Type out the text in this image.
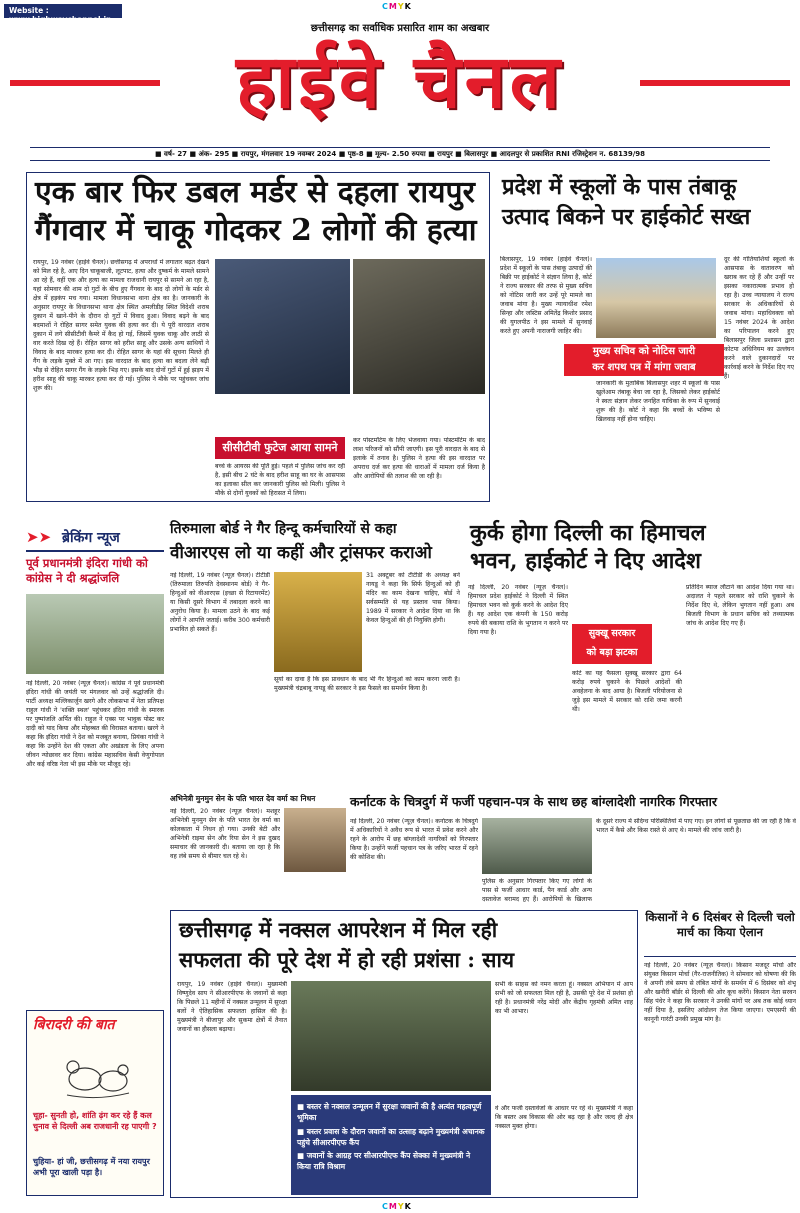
CMYK
Website : www.highwaychannel.in
छत्तीसगढ़ का सर्वाधिक प्रसारित शाम का अखबार
हाईवे चैनल
■ वर्ष- 27 ■ अंक- 295 ■ रायपुर, मंगलवार 19 नवम्बर 2024 ■ पृष्ठ-8 ■ मूल्य- 2.50 रुपया ■ रायपुर ■ बिलासपुर ■ आदलपुर से प्रकाशित RNI रजिस्ट्रेशन न. 68139/98
एक बार फिर डबल मर्डर से दहला रायपुर
गैंगवार में चाकू गोदकर 2 लोगों की हत्या
रायपुर, 19 नवंबर (हाईवे चैनल)। छत्तीसगढ़ में अपराधों में लगातार बढ़त देखने को मिल रहे है, आए दिन चाकूबाजी, लूटपाट, हत्या और दुष्कर्म के मामले सामने आ रहे हैं, वहीं एक और हत्या का मामला राजधानी रायपुर से सामने आ रहा है, यहां सोमवार की शाम दो गुटों के बीच हुए गैंगवार के बाद दो लोगों के मर्डर से क्षेत्र में हड़कंप मच गया। मामला विधानसभा थाना क्षेत्र का है। जानकारी के अनुसार रायपुर के विधानसभा थाना क्षेत्र स्थित अमलीडीह स्थित विदेशी शराब दुकान में खाने-पीने के दौरान दो गुटों में विवाद हुआ। विवाद बढ़ने के बाद बदमाशों ने रोहित सागर समेत युवक की हत्या कर दी। ये पूरी वारदात शराब दुकान में लगे सीसीटीवी कैमरे में कैद हो गई, जिसमें युवक चाकू और लाठी से वार करते दिख रहे हैं। रोहित सागर को हरीश साहू और उसके अन्य साथियों ने विवाद के बाद मारकर हत्या कर दी। रोहित सागर के यहां की सूचना मिलते ही गैंग के लड़के मुक्ते में आ गए। इस वारदात के बाद हत्या का बदला लेने बढ़ी भीड़ से रोहित सागर गैंग के लड़के भिड़ गए। इसके बाद दोनों गुटों में हुई झड़प में हरीश साहू की चाकू मारकर हत्या कर दी गई। पुलिस ने मौके पर पहुंचकर जांच शुरू की।
सीसीटीवी फुटेज आया सामने
बच्चे के आयरस की पूर्ति हुई। पहले में पुलिस जांच कर रही है, इसी बीच 2 घंटे के बाद हरीश साहू का घर के आसपास का इलाका सील कर जानकारी पुलिस को मिली। पुलिस ने मौके से दोनों युवकों को हिरासत में लिया।
कर पोस्टमॉर्टम के लिए भेजवाया गया। पोस्टमॉर्टम के बाद लाश परिजनों को सौंपी जाएगी। इस पूरी वारदात के बाद से इलाके में तनाव है। पुलिस ने हत्या की इस वारदात पर अपराध दर्ज कर हत्या की धाराओं में मामला दर्ज किया है और आरोपियों की तलाश की जा रही है।
प्रदेश में स्कूलों के पास तंबाकू
उत्पाद बिकने पर हाईकोर्ट सख्त
बिलासपुर, 19 नवंबर (हाईवे चैनल)। प्रदेश में स्कूलों के पास तंबाकू उत्पादों की बिक्री पर हाईकोर्ट ने संज्ञान लिया है, कोर्ट ने राज्य सरकार की तरफ से मुख्य सचिव को नोटिस जारी कर उन्हें पूरे मामले का जवाब मांगा है। मुख्य न्यायाधीश रमेश सिन्हा और जस्टिस अमितेंद्र किशोर प्रसाद की युगलपीठ ने इस मामले में सुनवाई करते हुए अपनी नाराजगी जाहिर की।
मुख्य सचिव को नोटिस जारी
कर शपथ पत्र में मांगा जवाब
जानकारी के मुताबिक बिलासपुर शहर में स्कूलों के पास खुलेआम तंबाकू बेचा जा रहा है, जिसको लेकर हाईकोर्ट ने स्वतः संज्ञान लेकर जनहित याचिका के रूप में सुनवाई शुरू की है। कोर्ट ने कहा कि बच्चों के भविष्य से खिलवाड़ नहीं होना चाहिए।
दूर की गोतियाशियों स्कूलों के आसपास के वातावरण को खराब कर रहे हैं और उन्हीं पर इसका नकारात्मक प्रभाव हो रहा है। उच्च न्यायालय ने राज्य सरकार के अधिकारियों से जवाब मांगा। महाधिवक्ता को 15 नवंबर 2024 के आदेश का परिपालन करने हुए बिलासपुर जिला प्रशासन द्वारा कोटपा अधिनियम का उल्लंघन करने वाले दुकानदारों पर कार्रवाई करने के निर्देश दिए गए हैं।
➤➤ ब्रेकिंग न्यूज
पूर्व प्रधानमंत्री इंदिरा गांधी को कांग्रेस ने दी श्रद्धांजलि
नई दिल्ली, 20 नवंबर (न्यूज़ चैनल)। कांग्रेस ने पूर्व प्रधानमंत्री इंदिरा गांधी की जयंती पर मंगलवार को उन्हें श्रद्धांजलि दी। पार्टी अध्यक्ष मल्लिकार्जुन खरगे और लोकसभा में नेता प्रतिपक्ष राहुल गांधी ने 'शक्ति स्थल' पहुंचकर इंदिरा गांधी के स्मारक पर पुष्पांजलि अर्पित की। राहुल ने एक्स पर भावुक पोस्ट कर दादी को याद किया और मोहब्बत की विरासत बताया। खरगे ने कहा कि इंदिरा गांधी ने देश को मजबूत बनाया, प्रियंका गांधी ने कहा कि उन्होंने देश की एकता और अखंडता के लिए अपना जीवन न्योछावर कर दिया। कांग्रेस महासचिव केसी वेणुगोपाल और कई वरिष्ठ नेता भी इस मौके पर मौजूद रहे।
तिरुमाला बोर्ड ने गैर हिन्दू कर्मचारियों से कहा
वीआरएस लो या कहीं और ट्रांसफर कराओ
नई दिल्ली, 19 नवंबर (न्यूज़ चैनल)। टीटीडी (तिरुमाला तिरुपति देवस्थानम बोर्ड) ने गैर-हिन्दुओं को वीआरएस (इच्छा से रिटायरमेंट) या किसी दूसरे विभाग में तबादला करने का अनुरोध किया है। मामला उठने के बाद कई लोगों ने आपत्ति जताई। करीब 300 कर्मचारी प्रभावित हो सकते हैं।
31 अक्टूबर को टीटीडी के अध्यक्ष बने नायडू ने कहा कि सिर्फ हिन्दुओं को ही मंदिर का काम देखना चाहिए, बोर्ड ने सर्वसम्मति से यह प्रस्ताव पास किया। 1989 में सरकार ने आदेश दिया था कि केवल हिन्दुओं की ही नियुक्ति होगी।
सूर्या का दावा है कि इस प्रावधान के बाद भी गैर हिन्दुओं को काम करना जारी है। मुख्यमंत्री चंद्रबाबू नायडू की सरकार ने इस फैसले का समर्थन किया है।
कुर्क होगा दिल्ली का हिमाचल
भवन, हाईकोर्ट ने दिए आदेश
नई दिल्ली, 20 नवंबर (न्यूज़ चैनल)। हिमाचल प्रदेश हाईकोर्ट ने दिल्ली में स्थित हिमाचल भवन को कुर्क करने के आदेश दिए हैं। यह आदेश एक कंपनी के 150 करोड़ रुपये की बकाया राशि के भुगतान न करने पर दिया गया है।	सुक्खू सरकार
को बड़ा झटका
कोर्ट का यह फैसला सुक्खू सरकार द्वारा 64 करोड़ रुपये चुकाने के पिछले आदेशों की अवहेलना के बाद आया है। बिजली परियोजना से जुड़े इस मामले में सरकार को राशि जमा करनी थी।
प्रतिदिन ब्याज लौटाने का आदेश दिया गया था। अदालत ने पहले सरकार को राशि चुकाने के निर्देश दिए थे, लेकिन भुगतान नहीं हुआ। अब बिजली विभाग के प्रधान सचिव को तथ्यात्मक जांच के आदेश दिए गए हैं।
अभिनेत्री मुनमुन सेन के पति भारत देव वर्मा का निधन
नई दिल्ली, 20 नवंबर (न्यूज़ चैनल)। मशहूर अभिनेत्री मुनमुन सेन के पति भारत देव वर्मा का कोलकाता में निधन हो गया। उनकी बेटी और अभिनेत्री राइमा सेन और रिया सेन ने इस दुखद समाचार की जानकारी दी। बताया जा रहा है कि वह लंबे समय से बीमार चल रहे थे।
कर्नाटक के चित्रदुर्ग में फर्जी पहचान-पत्र के साथ छह बांग्लादेशी नागरिक गिरफ्तार
नई दिल्ली, 20 नवंबर (न्यूज़ चैनल)। कर्नाटक के चित्रदुर्ग में अधिकारियों ने अवैध रूप से भारत में प्रवेश करने और रहने के आरोप में छह बांग्लादेशी नागरिकों को गिरफ्तार किया है। उन्होंने फर्जी पहचान पत्र के जरिए भारत में रहने की कोशिश की।
पुलिस के अनुसार गिरफ्तार किए गए लोगों के पास से फर्जी आधार कार्ड, पैन कार्ड और अन्य दस्तावेज बरामद हुए हैं। आरोपियों के खिलाफ
के दूसरे राज्य में संदिग्ध परिस्थितियों में पाए गए। इन लोगों से पूछताछ की जा रही है कि वे भारत में कैसे और किस रास्ते से आए थे। मामले की जांच जारी है।
बिरादरी की बात
चूहा- सुनती हो, शांति ढ़ंग कर रहे हैं कल चुनाव से दिल्ली अब राजधानी रह पाएगी ?
चुहिया- हां जी, छत्तीसगढ़ में नया रायपुर अभी पूरा खाली पड़ा है।
छत्तीसगढ़ में नक्सल आपरेशन में मिल रही
सफलता की पूरे देश में हो रही प्रशंसा : साय
रायपुर, 19 नवंबर (हाईवे चैनल)। मुख्यमंत्री विष्णुदेव साय ने सीआरपीएफ के जवानों से कहा कि पिछले 11 महीनों में नक्सल उन्मूलन में सुरक्षा बलों ने ऐतिहासिक सफलता हासिल की है। मुख्यमंत्री ने बीजापुर और सुकमा क्षेत्रों में तैनात जवानों का हौसला बढ़ाया।
■ बस्तर से नक्सल उन्मूलन में सुरक्षा जवानों की है अत्यंत महत्वपूर्ण भूमिका
■ बस्तर प्रवास के दौरान जवानों का उत्साह बढ़ाने मुख्यमंत्री अचानक पहुंचे सीआरपीएफ कैंप
■ जवानों के आग्रह पर सीआरपीएफ कैंप सेक्का में मुख्यमंत्री ने किया रात्रि विश्राम
सभी के साहस को नमन करता हूं। नक्सल अभियान में आप सभी को जो सफलता मिल रही है, उसकी पूरे देश में प्रशंसा हो रही है। प्रधानमंत्री नरेंद्र मोदी और केंद्रीय गृहमंत्री अमित शाह का भी आभार।
वे और फर्जी दस्तावेजों के आधार पर रहे थे। मुख्यमंत्री ने कहा कि बस्तर अब विकास की ओर बढ़ रहा है और जल्द ही क्षेत्र नक्सल मुक्त होगा।
किसानों ने 6 दिसंबर से दिल्ली चलो मार्च का किया ऐलान
नई दिल्ली, 20 नवंबर (न्यूज़ चैनल)। किसान मजदूर मोर्चा और संयुक्त किसान मोर्चा (गैर-राजनीतिक) ने सोमवार को घोषणा की कि वे अपनी लंबे समय से लंबित मांगों के समर्थन में 6 दिसंबर को शंभू और खनौरी बॉर्डर से दिल्ली की ओर कूच करेंगे। किसान नेता सरवन सिंह पंधेर ने कहा कि सरकार ने उनकी मांगों पर अब तक कोई ध्यान नहीं दिया है, इसलिए आंदोलन तेज किया जाएगा। एमएसपी की कानूनी गारंटी उनकी प्रमुख मांग है।
CMYK
